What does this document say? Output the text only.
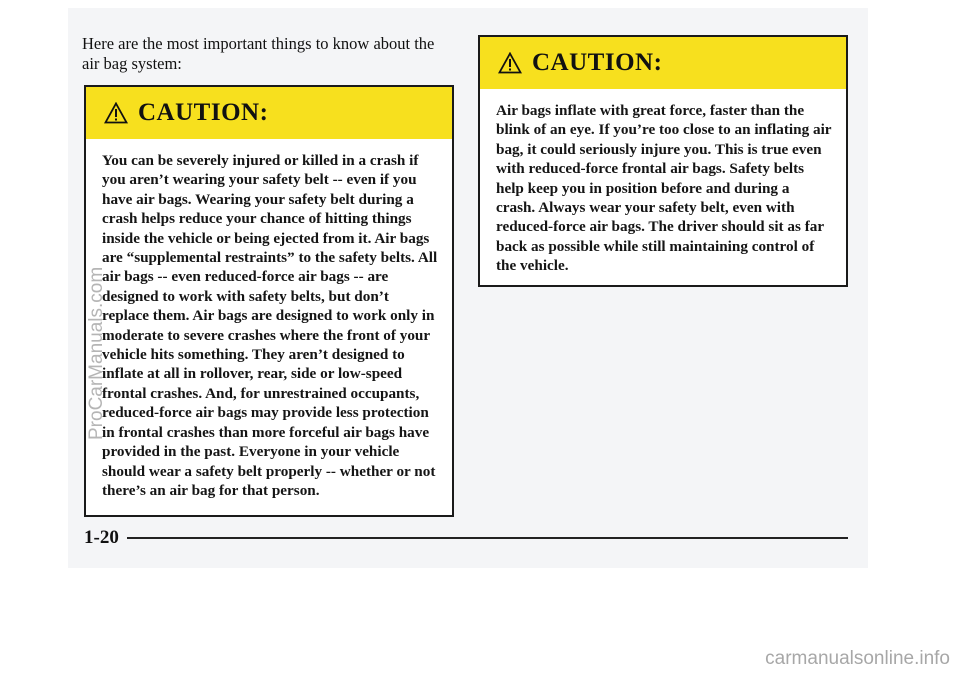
Here are the most important things to know about the air bag system:

CAUTION:

You can be severely injured or killed in a crash if you aren’t wearing your safety belt -- even if you have air bags. Wearing your safety belt during a crash helps reduce your chance of hitting things inside the vehicle or being ejected from it. Air bags are “supplemental restraints” to the safety belts. All air bags -- even reduced-force air bags -- are designed to work with safety belts, but don’t replace them. Air bags are designed to work only in moderate to severe crashes where the front of your vehicle hits something. They aren’t designed to inflate at all in rollover, rear, side or low-speed frontal crashes. And, for unrestrained occupants, reduced-force air bags may provide less protection in frontal crashes than more forceful air bags have provided in the past. Everyone in your vehicle should wear a safety belt properly -- whether or not there’s an air bag for that person.

CAUTION:

Air bags inflate with great force, faster than the blink of an eye. If you’re too close to an inflating air bag, it could seriously injure you. This is true even with reduced-force frontal air bags. Safety belts help keep you in position before and during a crash. Always wear your safety belt, even with reduced-force air bags. The driver should sit as far back as possible while still maintaining control of the vehicle.

1-20
ProCarManuals.com
carmanualsonline.info
